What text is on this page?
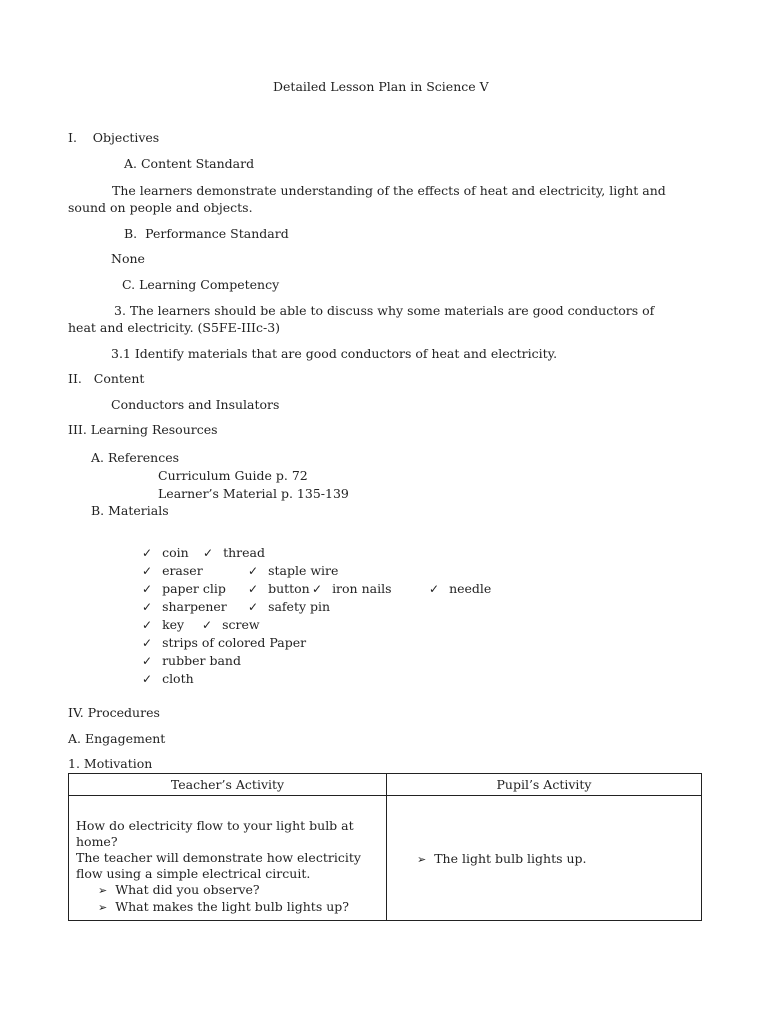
Detailed Lesson Plan in Science V
I.    Objectives
A. Content Standard
The learners demonstrate understanding of the effects of heat and electricity, light and
sound on people and objects.
B.  Performance Standard
None
C. Learning Competency
3. The learners should be able to discuss why some materials are good conductors of
heat and electricity. (S5FE-IIIc-3)
3.1 Identify materials that are good conductors of heat and electricity.
II.   Content
Conductors and Insulators
III. Learning Resources
A. References
Curriculum Guide p. 72
Learner’s Material p. 135-139
B. Materials
✓ coin	✓ thread
✓ eraser	✓ staple wire
✓ paper clip	✓ button	✓ iron nails	✓ needle
✓ sharpener	✓ safety pin
✓ key	✓ screw
✓ strips of colored Paper
✓ rubber band
✓ cloth
IV. Procedures
A. Engagement
1. Motivation
Teacher’s Activity	Pupil’s Activity

How do electricity flow to your light bulb at home?
The teacher will demonstrate how electricity flow using a simple electrical circuit.
➢ What did you observe?
➢ What makes the light bulb lights up?	➢ The light bulb lights up.
